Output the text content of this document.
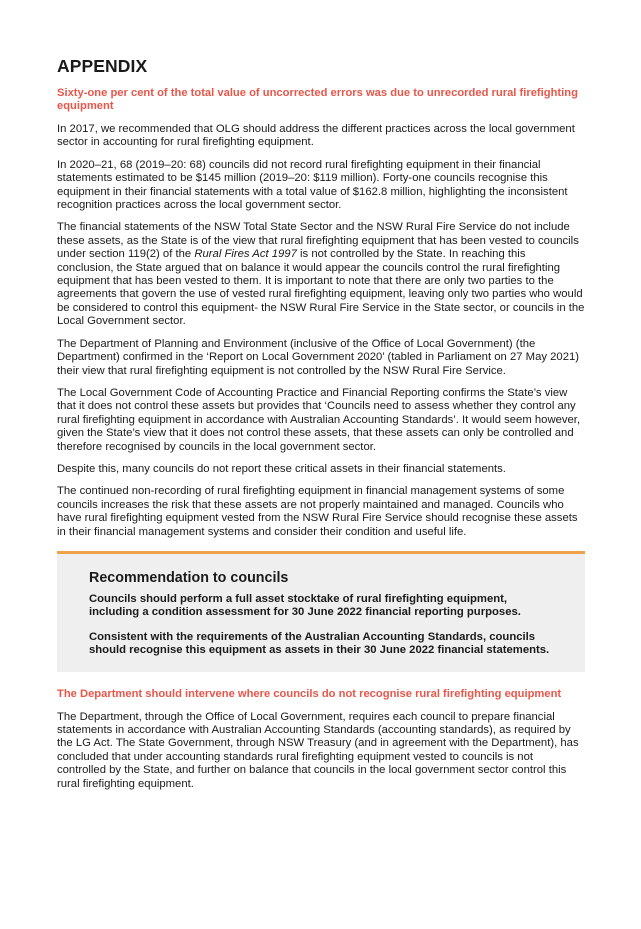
APPENDIX
Sixty-one per cent of the total value of uncorrected errors was due to unrecorded rural firefighting equipment

In 2017, we recommended that OLG should address the different practices across the local government sector in accounting for rural firefighting equipment.

In 2020–21, 68 (2019–20: 68) councils did not record rural firefighting equipment in their financial statements estimated to be $145 million (2019–20: $119 million). Forty-one councils recognise this equipment in their financial statements with a total value of $162.8 million, highlighting the inconsistent recognition practices across the local government sector.

The financial statements of the NSW Total State Sector and the NSW Rural Fire Service do not include these assets, as the State is of the view that rural firefighting equipment that has been vested to councils under section 119(2) of the Rural Fires Act 1997 is not controlled by the State. In reaching this conclusion, the State argued that on balance it would appear the councils control the rural firefighting equipment that has been vested to them. It is important to note that there are only two parties to the agreements that govern the use of vested rural firefighting equipment, leaving only two parties who would be considered to control this equipment- the NSW Rural Fire Service in the State sector, or councils in the Local Government sector.

The Department of Planning and Environment (inclusive of the Office of Local Government) (the Department) confirmed in the ‘Report on Local Government 2020’ (tabled in Parliament on 27 May 2021) their view that rural firefighting equipment is not controlled by the NSW Rural Fire Service.

The Local Government Code of Accounting Practice and Financial Reporting confirms the State’s view that it does not control these assets but provides that ‘Councils need to assess whether they control any rural firefighting equipment in accordance with Australian Accounting Standards’. It would seem however, given the State’s view that it does not control these assets, that these assets can only be controlled and therefore recognised by councils in the local government sector.

Despite this, many councils do not report these critical assets in their financial statements.

The continued non-recording of rural firefighting equipment in financial management systems of some councils increases the risk that these assets are not properly maintained and managed. Councils who have rural firefighting equipment vested from the NSW Rural Fire Service should recognise these assets in their financial management systems and consider their condition and useful life.

Recommendation to councils

Councils should perform a full asset stocktake of rural firefighting equipment, including a condition assessment for 30 June 2022 financial reporting purposes.

Consistent with the requirements of the Australian Accounting Standards, councils should recognise this equipment as assets in their 30 June 2022 financial statements.

The Department should intervene where councils do not recognise rural firefighting equipment

The Department, through the Office of Local Government, requires each council to prepare financial statements in accordance with Australian Accounting Standards (accounting standards), as required by the LG Act. The State Government, through NSW Treasury (and in agreement with the Department), has concluded that under accounting standards rural firefighting equipment vested to councils is not controlled by the State, and further on balance that councils in the local government sector control this rural firefighting equipment.
